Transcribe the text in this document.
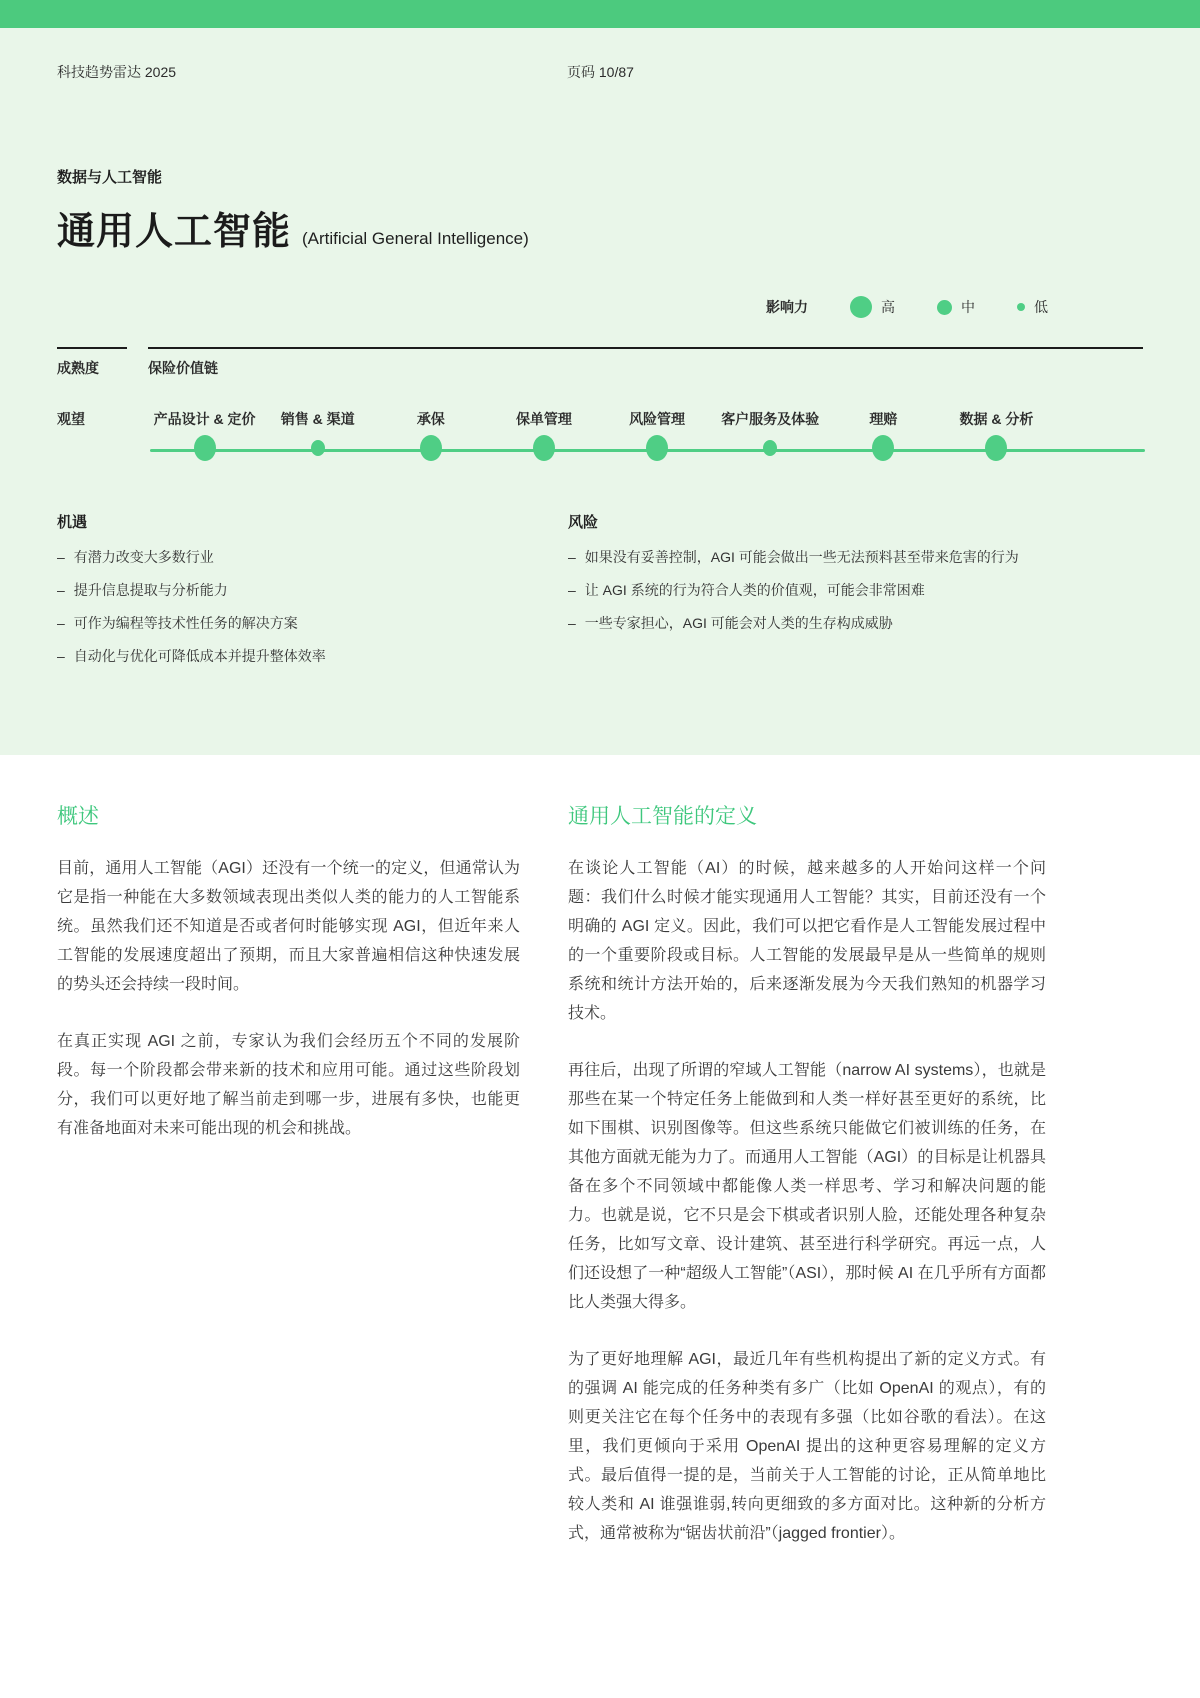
科技趋势雷达 2025	页码 10/87
数据与人工智能
通用人工智能 (Artificial General Intelligence)
影响力	高	中	低
成熟度
观望
保险价值链
产品设计 & 定价 销售 & 渠道	承保	保单管理	风险管理	客户服务及体验	理赔	数据 & 分析
机遇
– 有潜力改变大多数行业
– 提升信息提取与分析能力
– 可作为编程等技术性任务的解决方案
– 自动化与优化可降低成本并提升整体效率
风险
– 如果没有妥善控制，AGI 可能会做出一些无法预料甚至带来危害的行为
– 让 AGI 系统的行为符合人类的价值观，可能会非常困难
– 一些专家担心，AGI 可能会对人类的生存构成威胁
概述

目前，通用人工智能（AGI）还没有一个统一的定义，但通常认为它是指一种能在大多数领域表现出类似人类的能力的人工智能系统。虽然我们还不知道是否或者何时能够实现 AGI，但近年来人工智能的发展速度超出了预期，而且大家普遍相信这种快速发展的势头还会持续一段时间。

在真正实现 AGI 之前，专家认为我们会经历五个不同的发展阶段。每一个阶段都会带来新的技术和应用可能。通过这些阶段划分，我们可以更好地了解当前走到哪一步，进展有多快，也能更有准备地面对未来可能出现的机会和挑战。

通用人工智能的定义

在谈论人工智能（AI）的时候，越来越多的人开始问这样一个问题：我们什么时候才能实现通用人工智能？其实，目前还没有一个明确的 AGI 定义。因此，我们可以把它看作是人工智能发展过程中的一个重要阶段或目标。人工智能的发展最早是从一些简单的规则系统和统计方法开始的，后来逐渐发展为今天我们熟知的机器学习技术。

再往后，出现了所谓的窄域人工智能（narrow AI systems），也就是那些在某一个特定任务上能做到和人类一样好甚至更好的系统，比如下围棋、识别图像等。但这些系统只能做它们被训练的任务，在其他方面就无能为力了。而通用人工智能（AGI）的目标是让机器具备在多个不同领域中都能像人类一样思考、学习和解决问题的能力。也就是说，它不只是会下棋或者识别人脸，还能处理各种复杂任务，比如写文章、设计建筑、甚至进行科学研究。再远一点，人们还设想了一种“超级人工智能”（ASI），那时候 AI 在几乎所有方面都比人类强大得多。

为了更好地理解 AGI，最近几年有些机构提出了新的定义方式。有的强调 AI 能完成的任务种类有多广（比如 OpenAI 的观点），有的则更关注它在每个任务中的表现有多强（比如谷歌的看法）。在这里，我们更倾向于采用 OpenAI 提出的这种更容易理解的定义方式。最后值得一提的是，当前关于人工智能的讨论，正从简单地比较人类和 AI 谁强谁弱,转向更细致的多方面对比。这种新的分析方式，通常被称为“锯齿状前沿”（jagged frontier）。
